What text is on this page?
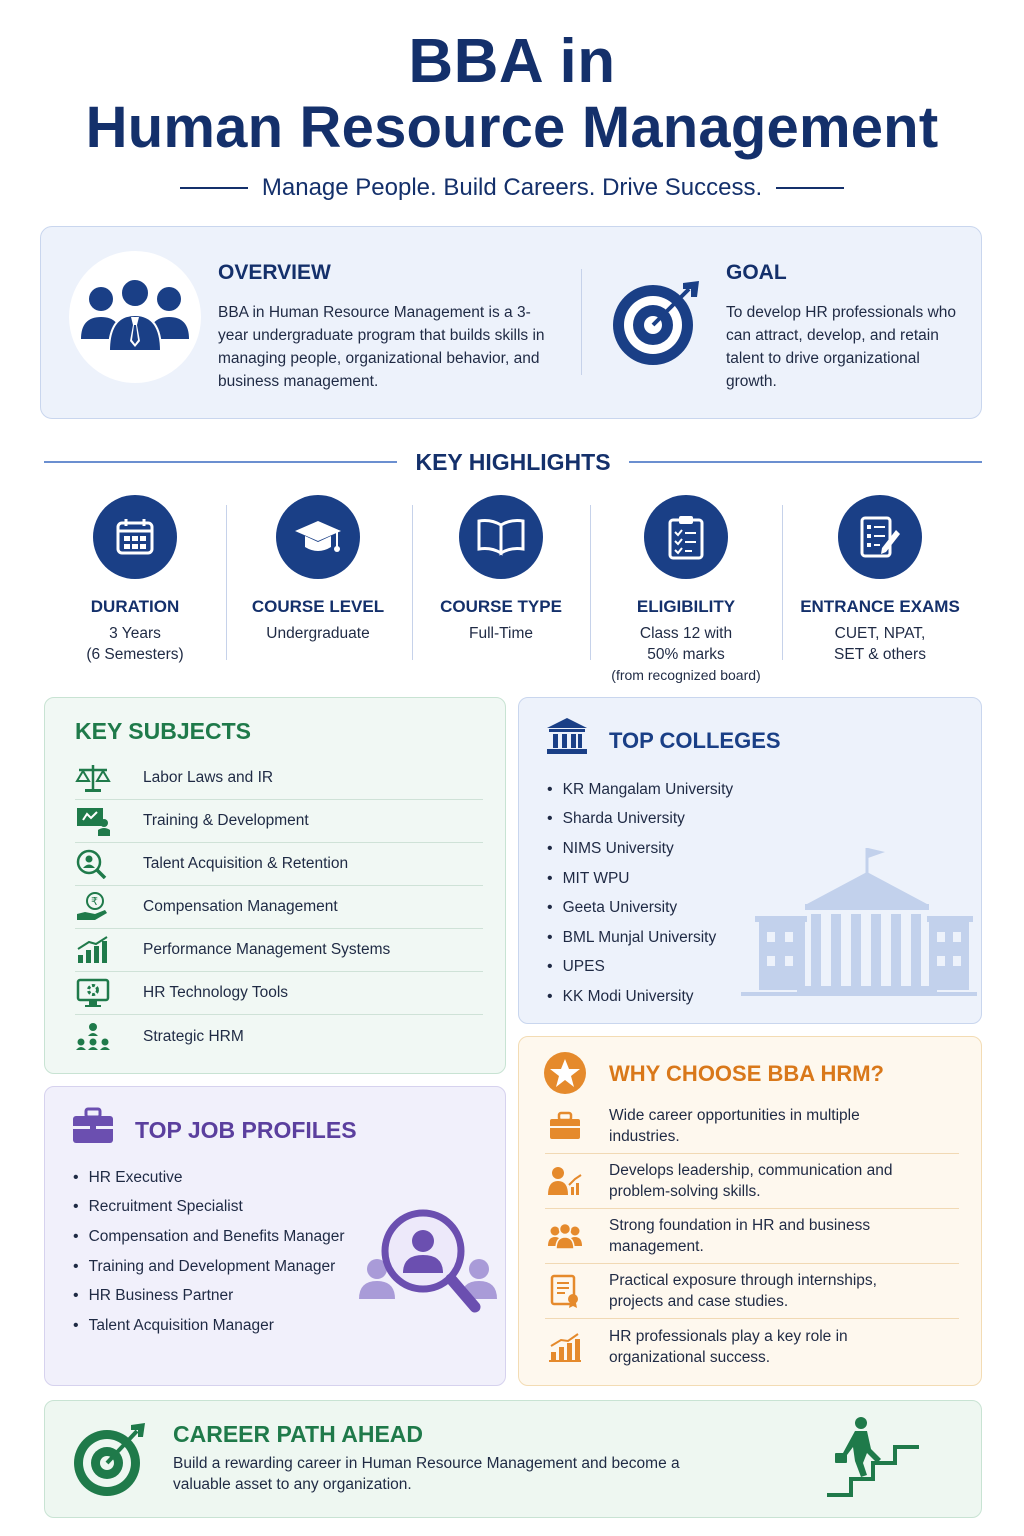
BBA in
Human Resource Management
Manage People. Build Careers. Drive Success.
OVERVIEW
BBA in Human Resource Management is a 3-year undergraduate program that builds skills in managing people, organizational behavior, and business management.
GOAL
To develop HR professionals who can attract, develop, and retain talent to drive organizational growth.
KEY HIGHLIGHTS
DURATION
3 Years
(6 Semesters)
COURSE LEVEL
Undergraduate
COURSE TYPE
Full-Time
ELIGIBILITY
Class 12 with
50% marks
(from recognized board)
ENTRANCE EXAMS
CUET, NPAT,
SET & others
KEY SUBJECTS
Labor Laws and IR
Training & Development
Talent Acquisition & Retention
₹	Compensation Management
Performance Management Systems
HR Technology Tools
Strategic HRM
TOP COLLEGES
• KR Mangalam University
• Sharda University
• NIMS University
• MIT WPU
• Geeta University
• BML Munjal University
• UPES
• KK Modi University
TOP JOB PROFILES
• HR Executive
• Recruitment Specialist
• Compensation and Benefits Manager
• Training and Development Manager
• HR Business Partner
• Talent Acquisition Manager
WHY CHOOSE BBA HRM?
Wide career opportunities in multiple industries.
Develops leadership, communication and problem-solving skills.
Strong foundation in HR and business management.
Practical exposure through internships, projects and case studies.
HR professionals play a key role in organizational success.
CAREER PATH AHEAD
Build a rewarding career in Human Resource Management and become a valuable asset to any organization.
